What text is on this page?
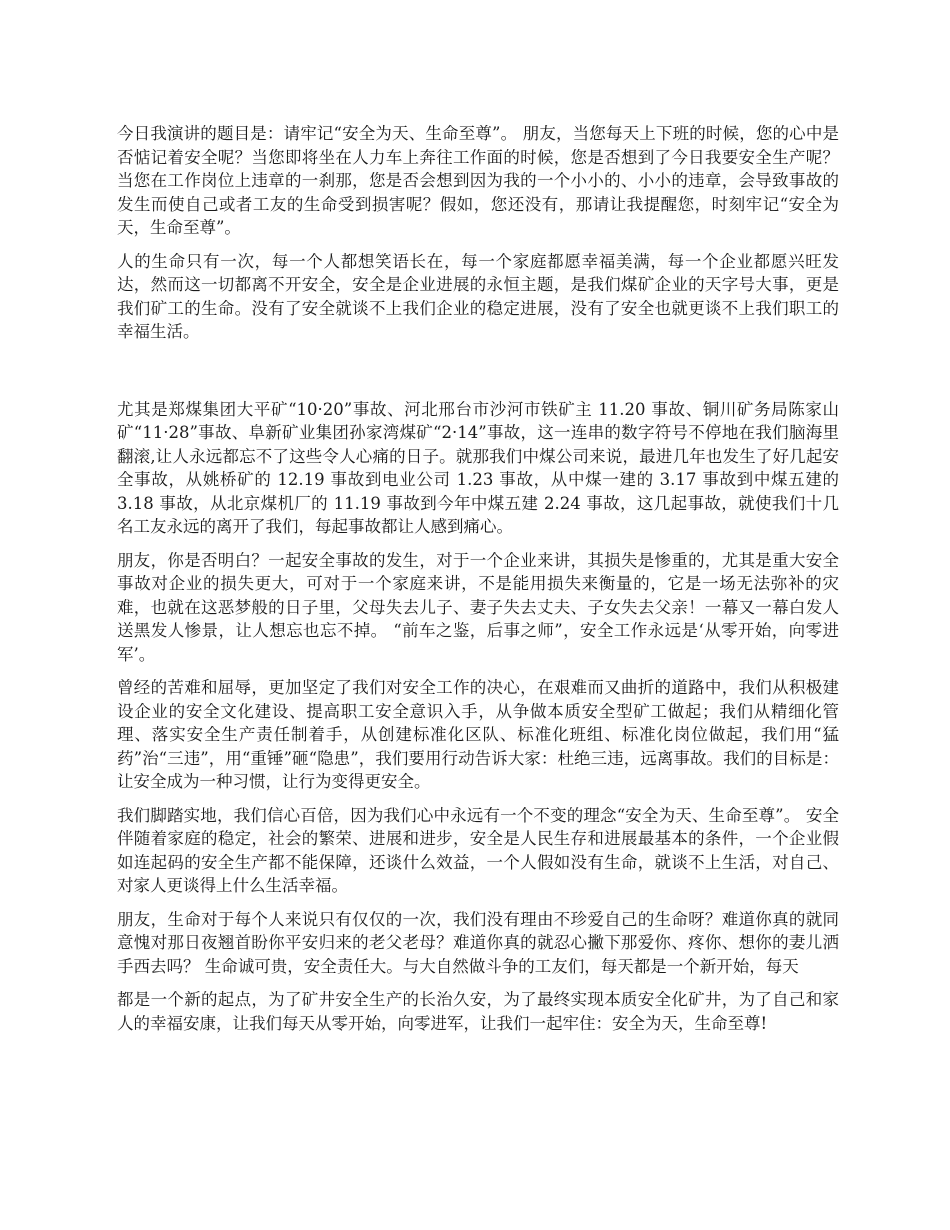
今日我演讲的题目是：请牢记“安全为天、生命至尊”。 朋友，当您每天上下班的时候，您的心中是否惦记着安全呢？当您即将坐在人力车上奔往工作面的时候，您是否想到了今日我要安全生产呢？当您在工作岗位上违章的一刹那，您是否会想到因为我的一个小小的、小小的违章，会导致事故的发生而使自己或者工友的生命受到损害呢？假如，您还没有，那请让我提醒您，时刻牢记“安全为天，生命至尊”。

人的生命只有一次，每一个人都想笑语长在，每一个家庭都愿幸福美满，每一个企业都愿兴旺发达，然而这一切都离不开安全，安全是企业进展的永恒主题，是我们煤矿企业的天字号大事，更是我们矿工的生命。没有了安全就谈不上我们企业的稳定进展，没有了安全也就更谈不上我们职工的幸福生活。

尤其是郑煤集团大平矿“10·20”事故、河北邢台市沙河市铁矿主 11.20 事故、铜川矿务局陈家山矿“11·28”事故、阜新矿业集团孙家湾煤矿“2·14”事故，这一连串的数字符号不停地在我们脑海里翻滚,让人永远都忘不了这些令人心痛的日子。就那我们中煤公司来说，最进几年也发生了好几起安全事故，从姚桥矿的 12.19 事故到电业公司 1.23 事故，从中煤一建的 3.17 事故到中煤五建的 3.18 事故，从北京煤机厂的 11.19 事故到今年中煤五建 2.24 事故，这几起事故，就使我们十几名工友永远的离开了我们，每起事故都让人感到痛心。

朋友，你是否明白？一起安全事故的发生，对于一个企业来讲，其损失是惨重的，尤其是重大安全事故对企业的损失更大，可对于一个家庭来讲，不是能用损失来衡量的，它是一场无法弥补的灾难，也就在这恶梦般的日子里，父母失去儿子、妻子失去丈夫、子女失去父亲！一幕又一幕白发人送黑发人惨景，让人想忘也忘不掉。 “前车之鉴，后事之师”，安全工作永远是‘从零开始，向零进军’。

曾经的苦难和屈辱，更加坚定了我们对安全工作的决心，在艰难而又曲折的道路中，我们从积极建设企业的安全文化建设、提高职工安全意识入手，从争做本质安全型矿工做起；我们从精细化管理、落实安全生产责任制着手，从创建标准化区队、标准化班组、标准化岗位做起，我们用“猛药”治“三违”，用“重锤”砸“隐患”，我们要用行动告诉大家：杜绝三违，远离事故。我们的目标是：让安全成为一种习惯，让行为变得更安全。

我们脚踏实地，我们信心百倍，因为我们心中永远有一个不变的理念“安全为天、生命至尊”。 安全伴随着家庭的稳定，社会的繁荣、进展和进步，安全是人民生存和进展最基本的条件，一个企业假如连起码的安全生产都不能保障，还谈什么效益，一个人假如没有生命，就谈不上生活，对自己、对家人更谈得上什么生活幸福。

朋友，生命对于每个人来说只有仅仅的一次，我们没有理由不珍爱自己的生命呀？难道你真的就同意愧对那日夜翘首盼你平安归来的老父老母？难道你真的就忍心撇下那爱你、疼你、想你的妻儿洒手西去吗？ 生命诚可贵，安全责任大。与大自然做斗争的工友们，每天都是一个新开始，每天

都是一个新的起点，为了矿井安全生产的长治久安，为了最终实现本质安全化矿井，为了自己和家人的幸福安康，让我们每天从零开始，向零进军，让我们一起牢住：安全为天，生命至尊!
